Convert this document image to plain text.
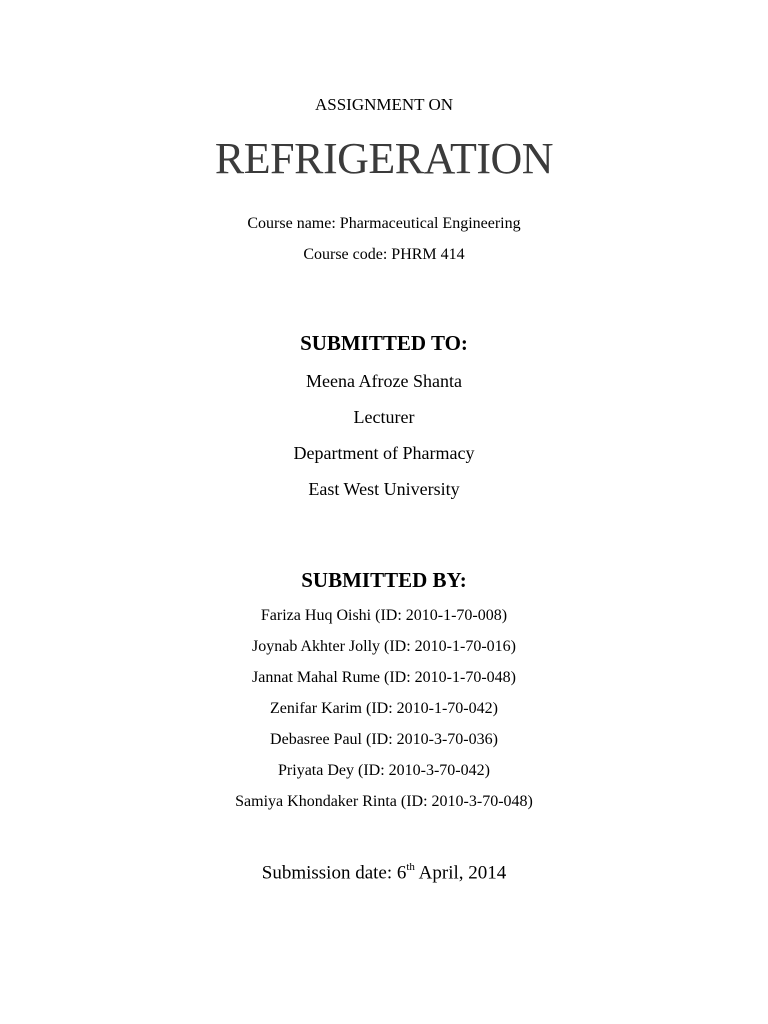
ASSIGNMENT ON
REFRIGERATION
Course name: Pharmaceutical Engineering
Course code: PHRM 414
SUBMITTED TO:
Meena Afroze Shanta
Lecturer
Department of Pharmacy
East West University
SUBMITTED BY:
Fariza Huq Oishi (ID: 2010-1-70-008)
Joynab Akhter Jolly (ID: 2010-1-70-016)
Jannat Mahal Rume (ID: 2010-1-70-048)
Zenifar Karim (ID: 2010-1-70-042)
Debasree Paul (ID: 2010-3-70-036)
Priyata Dey (ID: 2010-3-70-042)
Samiya Khondaker Rinta (ID: 2010-3-70-048)
Submission date: 6th April, 2014
